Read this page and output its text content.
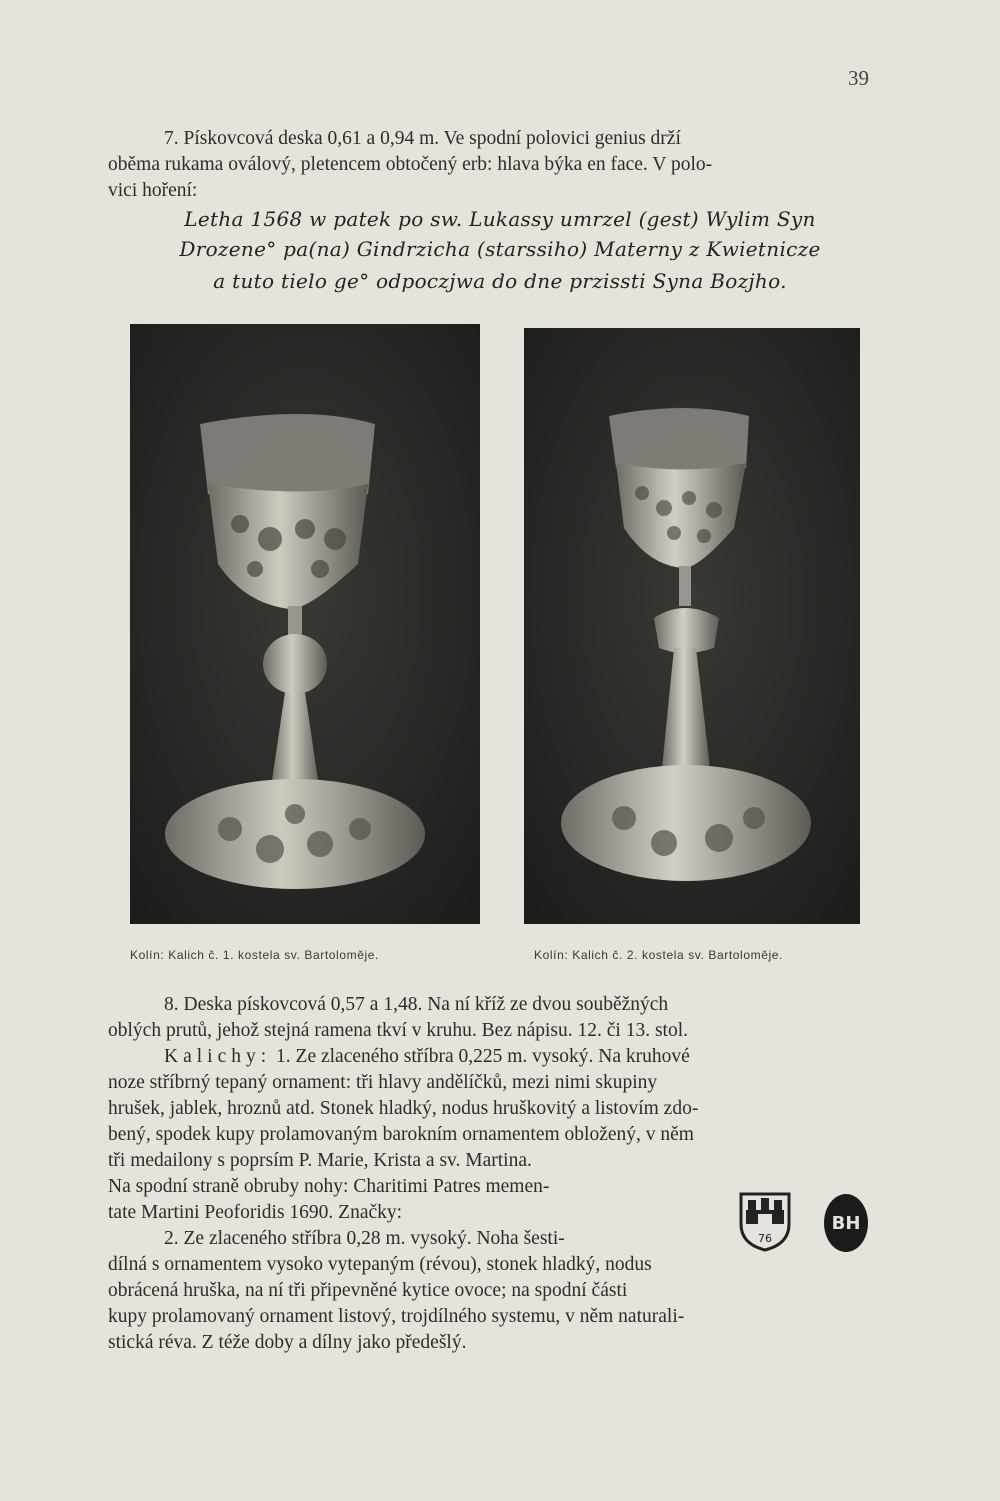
39
7. Pískovcová deska 0,61 a 0,94 m. Ve spodní polovici genius drží
oběma rukama oválový, pletencem obtočený erb: hlava býka en face. V polo-
vici hoření:
Letha 1568 w patek po sw. Lukassy umrzel (gest) Wylim Syn
Drozene° pa(na) Gindrzicha (starssiho) Materny z Kwietnicze
a tuto tielo ge° odpoczjwa do dne przissti Syna Bozjho.
Kolín: Kalich č. 1. kostela sv. Bartoloměje.	Kolín: Kalich č. 2. kostela sv. Bartoloměje.
8. Deska pískovcová 0,57 a 1,48. Na ní kříž ze dvou souběžných
oblých prutů, jehož stejná ramena tkví v kruhu. Bez nápisu. 12. či 13. stol.
Kalichy: 1. Ze zlaceného stříbra 0,225 m. vysoký. Na kruhové
noze stříbrný tepaný ornament: tři hlavy andělíčků, mezi nimi skupiny
hrušek, jablek, hroznů atd. Stonek hladký, nodus hruškovitý a listovím zdo-
bený, spodek kupy prolamovaným barokním ornamentem obložený, v něm
tři medailony s poprsím P. Marie, Krista a sv. Martina.
Na spodní straně obruby nohy: Charitimi Patres memen-
tate Martini Peoforidis 1690. Značky:
2. Ze zlaceného stříbra 0,28 m. vysoký. Noha šesti-
dílná s ornamentem vysoko vytepaným (révou), stonek hladký, nodus
obrácená hruška, na ní tři připevněné kytice ovoce; na spodní části
kupy prolamovaný ornament listový, trojdílného systemu, v něm naturali-
stická réva. Z téže doby a dílny jako předešlý.
76
BH
